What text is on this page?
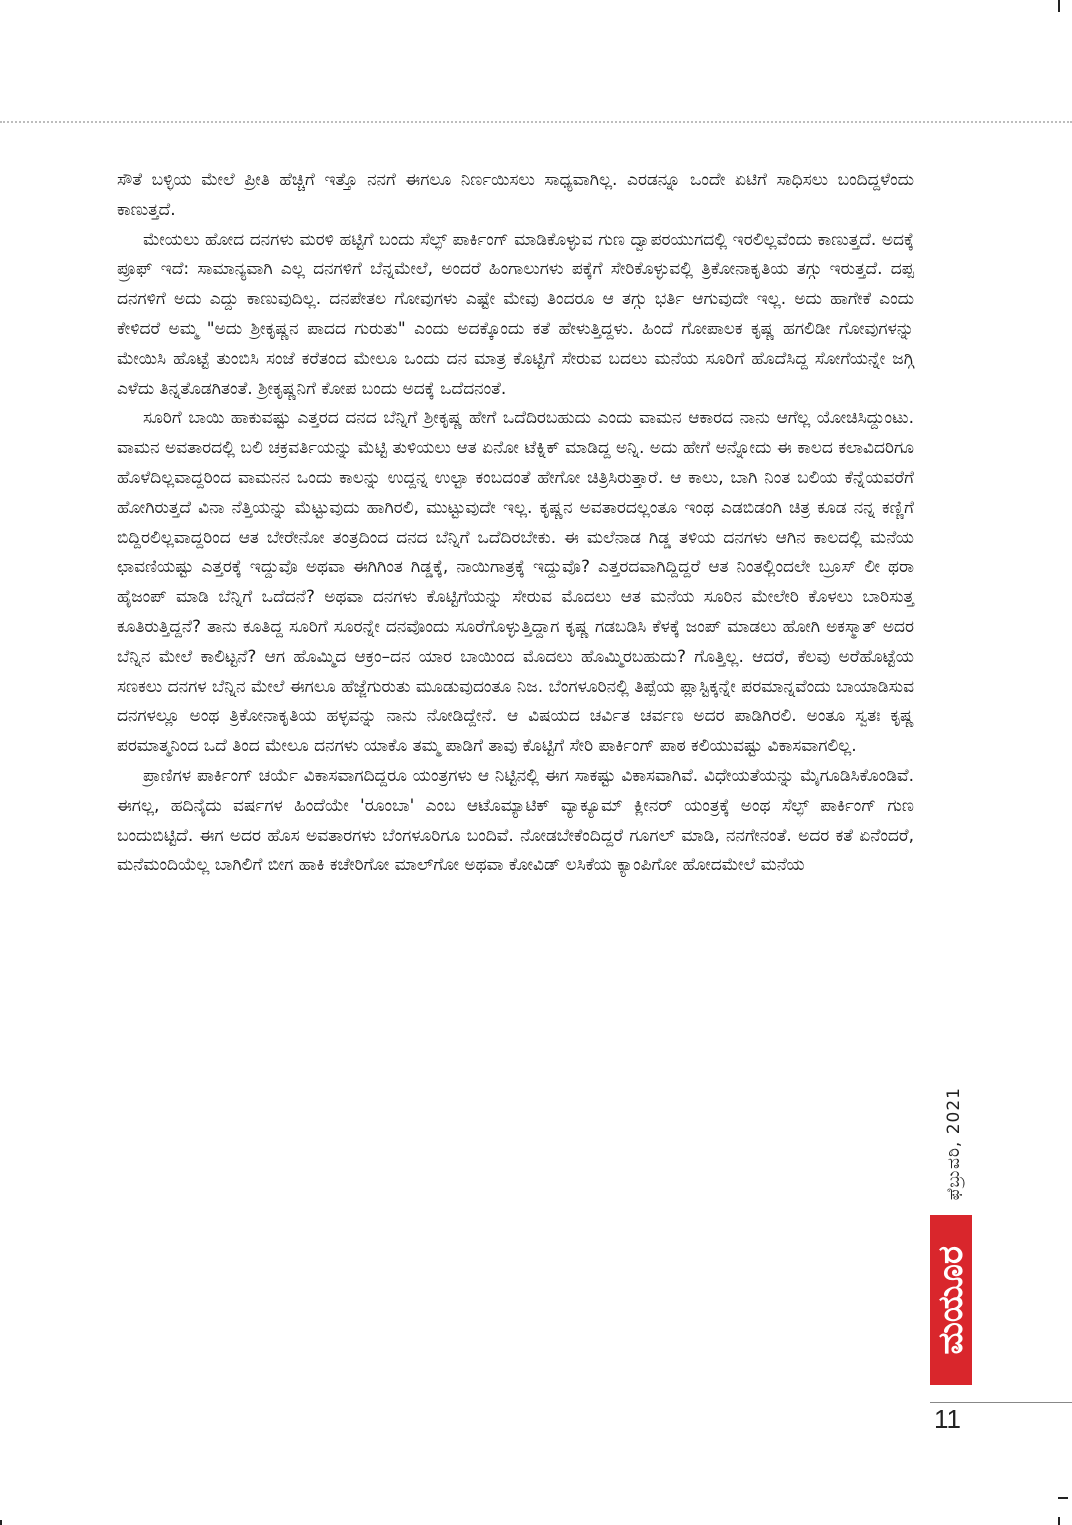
ಸೌತೆ ಬಳ್ಳಿಯ ಮೇಲೆ ಪ್ರೀತಿ ಹೆಚ್ಚಿಗೆ ಇತ್ತೊ ನನಗೆ ಈಗಲೂ ನಿರ್ಣಯಿಸಲು ಸಾಧ್ಯವಾಗಿಲ್ಲ. ಎರಡನ್ನೂ ಒಂದೇ ಏಟಿಗೆ ಸಾಧಿಸಲು ಬಂದಿದ್ದಳೆಂದು ಕಾಣುತ್ತದೆ.

ಮೇಯಲು ಹೋದ ದನಗಳು ಮರಳಿ ಹಟ್ಟಿಗೆ ಬಂದು ಸೆಲ್ಫ್ ಪಾರ್ಕಿಂಗ್ ಮಾಡಿಕೊಳ್ಳುವ ಗುಣ ದ್ವಾಪರಯುಗದಲ್ಲಿ ಇರಲಿಲ್ಲವೆಂದು ಕಾಣುತ್ತದೆ. ಅದಕ್ಕೆ ಪ್ರೂಫ್ ಇದೆ: ಸಾಮಾನ್ಯವಾಗಿ ಎಲ್ಲ ದನಗಳಿಗೆ ಬೆನ್ನಮೇಲೆ, ಅಂದರೆ ಹಿಂಗಾಲುಗಳು ಪಕ್ಕೆಗೆ ಸೇರಿಕೊಳ್ಳುವಲ್ಲಿ ತ್ರಿಕೋನಾಕೃತಿಯ ತಗ್ಗು ಇರುತ್ತದೆ. ದಪ್ಪ ದನಗಳಿಗೆ ಅದು ಎದ್ದು ಕಾಣುವುದಿಲ್ಲ. ದನಪೇತಲ ಗೋವುಗಳು ಎಷ್ಟೇ ಮೇವು ತಿಂದರೂ ಆ ತಗ್ಗು ಭರ್ತಿ ಆಗುವುದೇ ಇಲ್ಲ. ಅದು ಹಾಗೇಕೆ ಎಂದು ಕೇಳಿದರೆ ಅಮ್ಮ "ಅದು ಶ್ರೀಕೃಷ್ಣನ ಪಾದದ ಗುರುತು" ಎಂದು ಅದಕ್ಕೊಂದು ಕತೆ ಹೇಳುತ್ತಿದ್ದಳು. ಹಿಂದೆ ಗೋಪಾಲಕ ಕೃಷ್ಣ ಹಗಲಿಡೀ ಗೋವುಗಳನ್ನು ಮೇಯಿಸಿ ಹೊಟ್ಟೆ ತುಂಬಿಸಿ ಸಂಜೆ ಕರೆತಂದ ಮೇಲೂ ಒಂದು ದನ ಮಾತ್ರ ಕೊಟ್ಟಿಗೆ ಸೇರುವ ಬದಲು ಮನೆಯ ಸೂರಿಗೆ ಹೊದೆಸಿದ್ದ ಸೋಗೆಯನ್ನೇ ಜಗ್ಗಿ ಎಳೆದು ತಿನ್ನತೊಡಗಿತಂತೆ. ಶ್ರೀಕೃಷ್ಣನಿಗೆ ಕೋಪ ಬಂದು ಅದಕ್ಕೆ ಒದೆದನಂತೆ.

ಸೂರಿಗೆ ಬಾಯಿ ಹಾಕುವಷ್ಟು ಎತ್ತರದ ದನದ ಬೆನ್ನಿಗೆ ಶ್ರೀಕೃಷ್ಣ ಹೇಗೆ ಒದೆದಿರಬಹುದು ಎಂದು ವಾಮನ ಆಕಾರದ ನಾನು ಆಗೆಲ್ಲ ಯೋಚಿಸಿದ್ದುಂಟು. ವಾಮನ ಅವತಾರದಲ್ಲಿ ಬಲಿ ಚಕ್ರವರ್ತಿಯನ್ನು ಮೆಟ್ಟಿ ತುಳಿಯಲು ಆತ ಏನೋ ಟೆಕ್ನಿಕ್ ಮಾಡಿದ್ದ ಅನ್ನಿ. ಅದು ಹೇಗೆ ಅನ್ನೋದು ಈ ಕಾಲದ ಕಲಾವಿದರಿಗೂ ಹೊಳೆದಿಲ್ಲವಾದ್ದರಿಂದ ವಾಮನನ ಒಂದು ಕಾಲನ್ನು ಉದ್ದನ್ನ ಉಲ್ಟಾ ಕಂಬದಂತೆ ಹೇಗೋ ಚಿತ್ರಿಸಿರುತ್ತಾರೆ. ಆ ಕಾಲು, ಬಾಗಿ ನಿಂತ ಬಲಿಯ ಕೆನ್ನೆಯವರೆಗೆ ಹೋಗಿರುತ್ತದೆ ವಿನಾ ನೆತ್ತಿಯನ್ನು ಮೆಟ್ಟುವುದು ಹಾಗಿರಲಿ, ಮುಟ್ಟುವುದೇ ಇಲ್ಲ. ಕೃಷ್ಣನ ಅವತಾರದಲ್ಲಂತೂ ಇಂಥ ಎಡಬಿಡಂಗಿ ಚಿತ್ರ ಕೂಡ ನನ್ನ ಕಣ್ಣಿಗೆ ಬಿದ್ದಿರಲಿಲ್ಲವಾದ್ದರಿಂದ ಆತ ಬೇರೇನೋ ತಂತ್ರದಿಂದ ದನದ ಬೆನ್ನಿಗೆ ಒದೆದಿರಬೇಕು. ಈ ಮಲೆನಾಡ ಗಿಡ್ಡ ತಳಿಯ ದನಗಳು ಆಗಿನ ಕಾಲದಲ್ಲಿ ಮನೆಯ ಛಾವಣಿಯಷ್ಟು ಎತ್ತರಕ್ಕೆ ಇದ್ದುವೊ ಅಥವಾ ಈಗಿಗಿಂತ ಗಿಡ್ಡಕ್ಕೆ, ನಾಯಿಗಾತ್ರಕ್ಕೆ ಇದ್ದುವೊ? ಎತ್ತರದವಾಗಿದ್ದಿದ್ದರೆ ಆತ ನಿಂತಲ್ಲಿಂದಲೇ ಬ್ರೂಸ್ ಲೀ ಥರಾ ಹೈಜಂಪ್ ಮಾಡಿ ಬೆನ್ನಿಗೆ ಒದೆದನೆ? ಅಥವಾ ದನಗಳು ಕೊಟ್ಟಿಗೆಯನ್ನು ಸೇರುವ ಮೊದಲು ಆತ ಮನೆಯ ಸೂರಿನ ಮೇಲೇರಿ ಕೊಳಲು ಬಾರಿಸುತ್ತ ಕೂತಿರುತ್ತಿದ್ದನೆ? ತಾನು ಕೂತಿದ್ದ ಸೂರಿಗೆ ಸೂರನ್ನೇ ದನವೊಂದು ಸೂರೆಗೊಳ್ಳುತ್ತಿದ್ದಾಗ ಕೃಷ್ಣ ಗಡಬಡಿಸಿ ಕೆಳಕ್ಕೆ ಜಂಪ್ ಮಾಡಲು ಹೋಗಿ ಅಕಸ್ಮಾತ್ ಅದರ ಬೆನ್ನಿನ ಮೇಲೆ ಕಾಲಿಟ್ಟನೆ? ಆಗ ಹೊಮ್ಮಿದ ಆಕ್ರಂ–ದನ ಯಾರ ಬಾಯಿಂದ ಮೊದಲು ಹೊಮ್ಮಿರಬಹುದು? ಗೊತ್ತಿಲ್ಲ. ಆದರೆ, ಕೆಲವು ಅರೆಹೊಟ್ಟೆಯ ಸಣಕಲು ದನಗಳ ಬೆನ್ನಿನ ಮೇಲೆ ಈಗಲೂ ಹೆಜ್ಜೆಗುರುತು ಮೂಡುವುದಂತೂ ನಿಜ. ಬೆಂಗಳೂರಿನಲ್ಲಿ ತಿಪ್ಪೆಯ ಪ್ಲಾಸ್ಟಿಕ್ಕನ್ನೇ ಪರಮಾನ್ನವೆಂದು ಬಾಯಾಡಿಸುವ ದನಗಳಲ್ಲೂ ಅಂಥ ತ್ರಿಕೋನಾಕೃತಿಯ ಹಳ್ಳವನ್ನು ನಾನು ನೋಡಿದ್ದೇನೆ. ಆ ವಿಷಯದ ಚರ್ವಿತ ಚರ್ವಣ ಅದರ ಪಾಡಿಗಿರಲಿ. ಅಂತೂ ಸ್ವತಃ ಕೃಷ್ಣ ಪರಮಾತ್ಮನಿಂದ ಒದೆ ತಿಂದ ಮೇಲೂ ದನಗಳು ಯಾಕೊ ತಮ್ಮ ಪಾಡಿಗೆ ತಾವು ಕೊಟ್ಟಿಗೆ ಸೇರಿ ಪಾರ್ಕಿಂಗ್ ಪಾಠ ಕಲಿಯುವಷ್ಟು ವಿಕಾಸವಾಗಲಿಲ್ಲ.

ಪ್ರಾಣಿಗಳ ಪಾರ್ಕಿಂಗ್ ಚರ್ಯೆ ವಿಕಾಸವಾಗದಿದ್ದರೂ ಯಂತ್ರಗಳು ಆ ನಿಟ್ಟಿನಲ್ಲಿ ಈಗ ಸಾಕಷ್ಟು ವಿಕಾಸವಾಗಿವೆ. ವಿಧೇಯತೆಯನ್ನು ಮೈಗೂಡಿಸಿಕೊಂಡಿವೆ. ಈಗಲ್ಲ, ಹದಿನೈದು ವರ್ಷಗಳ ಹಿಂದೆಯೇ 'ರೂಂಬಾ' ಎಂಬ ಆಟೊಮ್ಯಾಟಿಕ್ ವ್ಯಾಕ್ಯೂಮ್ ಕ್ಲೀನರ್ ಯಂತ್ರಕ್ಕೆ ಅಂಥ ಸೆಲ್ಫ್ ಪಾರ್ಕಿಂಗ್ ಗುಣ ಬಂದುಬಿಟ್ಟಿದೆ. ಈಗ ಅದರ ಹೊಸ ಅವತಾರಗಳು ಬೆಂಗಳೂರಿಗೂ ಬಂದಿವೆ. ನೋಡಬೇಕೆಂದಿದ್ದರೆ ಗೂಗಲ್ ಮಾಡಿ, ನನಗೇನಂತೆ. ಅದರ ಕತೆ ಏನೆಂದರೆ, ಮನೆಮಂದಿಯೆಲ್ಲ ಬಾಗಿಲಿಗೆ ಬೀಗ ಹಾಕಿ ಕಚೇರಿಗೋ ಮಾಲ್‌ಗೋ ಅಥವಾ ಕೋವಿಡ್ ಲಸಿಕೆಯ ಕ್ಯಾಂಪಿಗೋ ಹೋದಮೇಲೆ ಮನೆಯ

ಫೆಬ್ರುವರಿ, 2021
ಮಯೂರ
11
